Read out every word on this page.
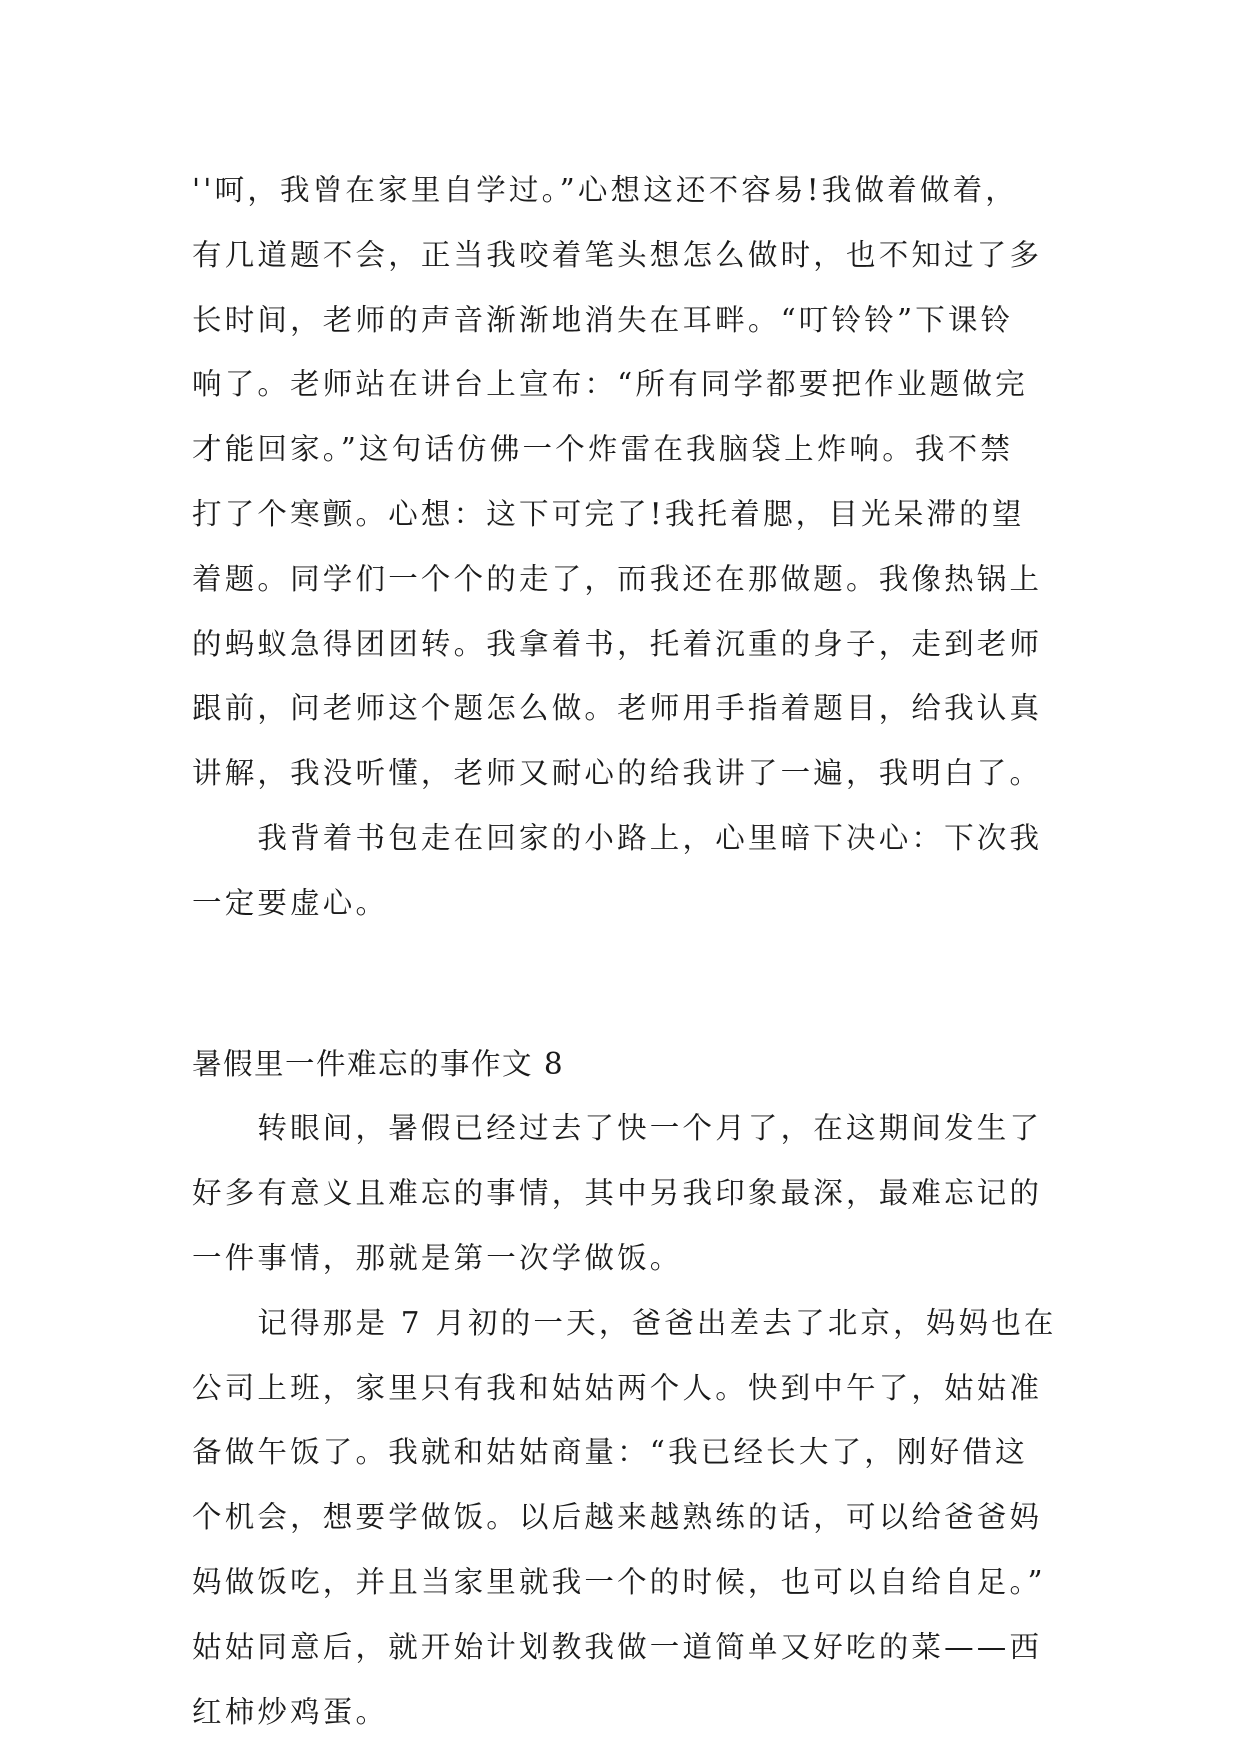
''呵，我曾在家里自学过。”心想这还不容易!我做着做着，
有几道题不会，正当我咬着笔头想怎么做时，也不知过了多
长时间，老师的声音渐渐地消失在耳畔。“叮铃铃”下课铃
响了。老师站在讲台上宣布：“所有同学都要把作业题做完
才能回家。”这句话仿佛一个炸雷在我脑袋上炸响。我不禁
打了个寒颤。心想：这下可完了!我托着腮，目光呆滞的望
着题。同学们一个个的走了，而我还在那做题。我像热锅上
的蚂蚁急得团团转。我拿着书，托着沉重的身子，走到老师
跟前，问老师这个题怎么做。老师用手指着题目，给我认真
讲解，我没听懂，老师又耐心的给我讲了一遍，我明白了。
　　我背着书包走在回家的小路上，心里暗下决心：下次我
一定要虚心。
暑假里一件难忘的事作文 8
　　转眼间，暑假已经过去了快一个月了，在这期间发生了
好多有意义且难忘的事情，其中另我印象最深，最难忘记的
一件事情，那就是第一次学做饭。
　　记得那是 7 月初的一天，爸爸出差去了北京，妈妈也在
公司上班，家里只有我和姑姑两个人。快到中午了，姑姑准
备做午饭了。我就和姑姑商量：“我已经长大了，刚好借这
个机会，想要学做饭。以后越来越熟练的话，可以给爸爸妈
妈做饭吃，并且当家里就我一个的时候，也可以自给自足。”
姑姑同意后，就开始计划教我做一道简单又好吃的菜——西
红柿炒鸡蛋。
